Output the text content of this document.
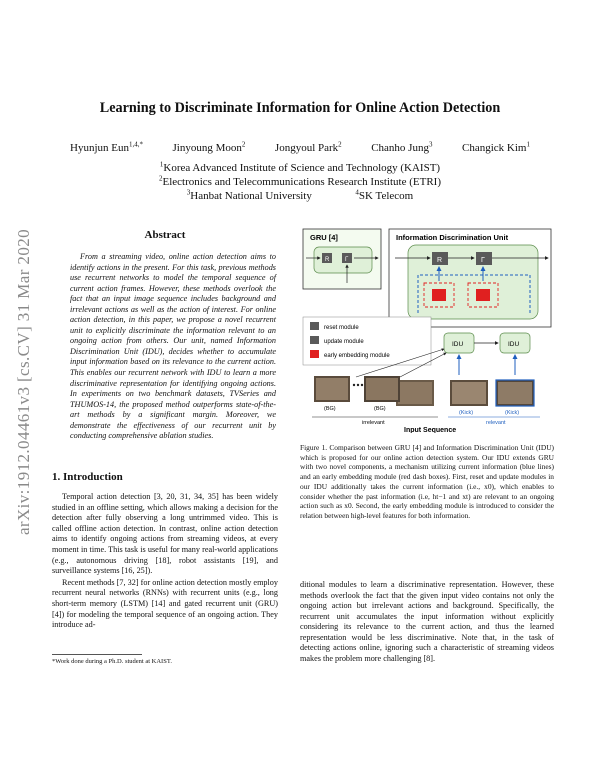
arXiv:1912.04461v3 [cs.CV] 31 Mar 2020
Learning to Discriminate Information for Online Action Detection
Hyunjun Eun$^{1,4,*}$	Jinyoung Moon$^2$	Jongyoul Park$^2$	Chanho Jung$^3$	Changick Kim$^1$
$^1$Korea Advanced Institute of Science and Technology (KAIST)
$^2$Electronics and Telecommunications Research Institute (ETRI)
$^3$Hanbat National University	$^4$SK Telecom
Abstract

From a streaming video, online action detection aims to identify actions in the present. For this task, previous methods use recurrent networks to model the temporal sequence of current action frames. However, these methods overlook the fact that an input image sequence includes background and irrelevant actions as well as the action of interest. For online action detection, in this paper, we propose a novel recurrent unit to explicitly discriminate the information relevant to an ongoing action from others. Our unit, named Information Discrimination Unit (IDU), decides whether to accumulate input information based on its relevance to the current action. This enables our recurrent network with IDU to learn a more discriminative representation for identifying ongoing actions. In experiments on two benchmark datasets, TVSeries and THUMOS-14, the proposed method outperforms state-of-the-art methods by a significant margin. Moreover, we demonstrate the effectiveness of our recurrent unit by conducting comprehensive ablation studies.

1. Introduction

Temporal action detection [3, 20, 31, 34, 35] has been widely studied in an offline setting, which allows making a decision for the detection after fully observing a long untrimmed video. This is called offline action detection. In contrast, online action detection aims to identify ongoing actions from streaming videos, at every moment in time. This task is useful for many real-world applications (e.g., autonomous driving [18], robot assistants [19], and surveillance systems [16, 25]).

Recent methods [7, 32] for online action detection mostly employ recurrent neural networks (RNNs) with recurrent units (e.g., long short-term memory (LSTM) [14] and gated recurrent unit (GRU) [4]) for modeling the temporal sequence of an ongoing action. They introduce ad-

*Work done during a Ph.D. student at KAIST.
GRU [4]
R	Γ
Information Discrimination Unit
R	Γ
reset module
update module
early embedding module
IDU	IDU
(BG)	(BG)
(Kick)	(Kick)
irrelevant	relevant
Input Sequence

Figure 1. Comparison between GRU [4] and Information Discrimination Unit (IDU) which is proposed for our online action detection system. Our IDU extends GRU with two novel components, a mechanism utilizing current information (blue lines) and an early embedding module (red dash boxes). First, reset and update modules in our IDU additionally takes the current information (i.e., x0), which enables to consider whether the past information (i.e, ht−1 and xt) are relevant to an ongoing action such as x0. Second, the early embedding module is introduced to consider the relation between high-level features for both information.

ditional modules to learn a discriminative representation. However, these methods overlook the fact that the given input video contains not only the ongoing action but irrelevant actions and background. Specifically, the recurrent unit accumulates the input information without explicitly considering its relevance to the current action, and thus the learned representation would be less discriminative. Note that, in the task of detecting actions online, ignoring such a characteristic of streaming videos makes the problem more challenging [8].
